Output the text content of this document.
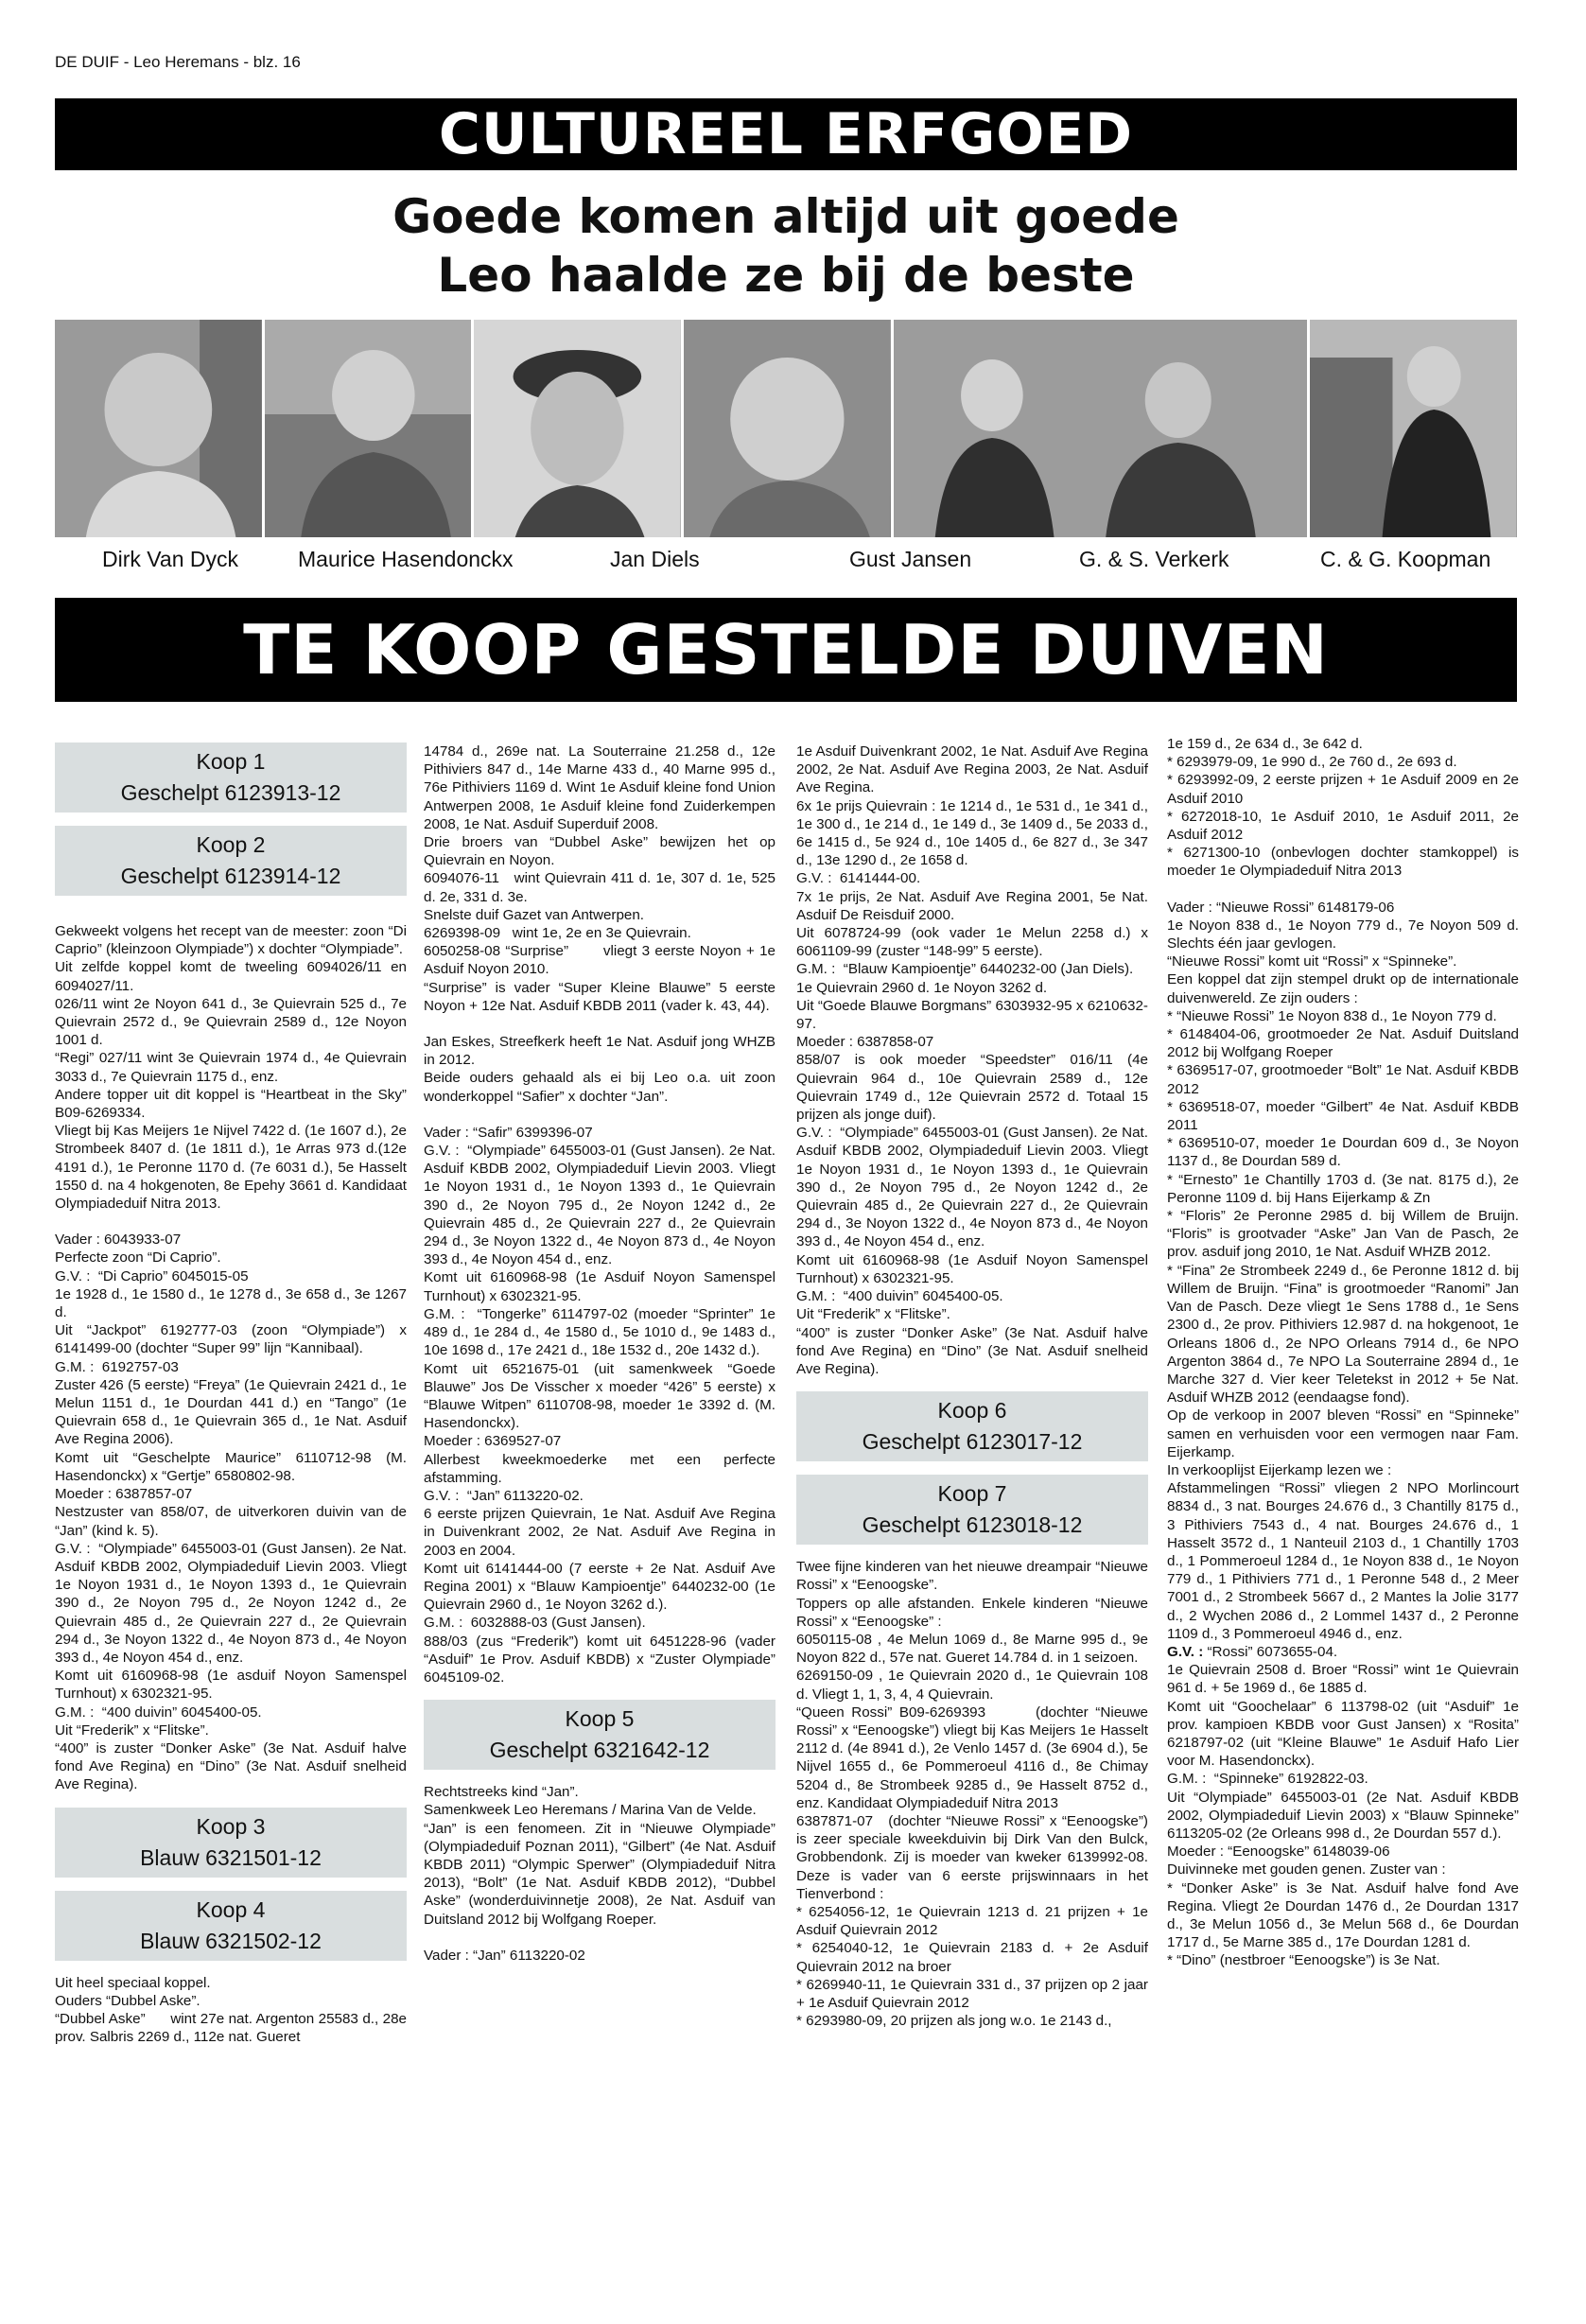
DE DUIF - Leo Heremans - blz. 16
CULTUREEL ERFGOED
Goede komen altijd uit goede
Leo haalde ze bij de beste
Dirk Van Dyck	Maurice Hasendonckx	Jan Diels	Gust Jansen	G. & S. Verkerk	C. & G. Koopman
TE KOOP GESTELDE DUIVEN
Koop 1
Geschelpt 6123913-12
Koop 2
Geschelpt 6123914-12

Gekweekt volgens het recept van de meester: zoon “Di Caprio” (kleinzoon Olympiade”) x dochter “Olympiade”.

Uit zelfde koppel komt de tweeling 6094026/11 en 6094027/11.

026/11 wint 2e Noyon 641 d., 3e Quievrain 525 d., 7e Quievrain 2572 d., 9e Quievrain 2589 d., 12e Noyon 1001 d.

“Regi” 027/11 wint 3e Quievrain 1974 d., 4e Quievrain 3033 d., 7e Quievrain 1175 d., enz.

Andere topper uit dit koppel is “Heartbeat in the Sky” B09-6269334.

Vliegt bij Kas Meijers 1e Nijvel 7422 d. (1e 1607 d.), 2e Strombeek 8407 d. (1e 1811 d.), 1e Arras 973 d.(12e 4191 d.), 1e Peronne 1170 d. (7e 6031 d.), 5e Hasselt 1550 d. na 4 hokgenoten, 8e Epehy 3661 d. Kandidaat Olympiadeduif Nitra 2013.

Vader : 6043933-07

Perfecte zoon “Di Caprio”.

G.V. :  “Di Caprio” 6045015-05

1e 1928 d., 1e 1580 d., 1e 1278 d., 3e 658 d., 3e 1267 d.

Uit “Jackpot” 6192777-03 (zoon “Olympiade”) x 6141499-00 (dochter “Super 99” lijn “Kannibaal).

G.M. :  6192757-03

Zuster 426 (5 eerste) “Freya” (1e Quievrain 2421 d., 1e Melun 1151 d., 1e Dourdan 441 d.) en “Tango” (1e Quievrain 658 d., 1e Quievrain 365 d., 1e Nat. Asduif Ave Regina 2006).

Komt uit “Geschelpte Maurice” 6110712-98 (M. Hasendonckx) x “Gertje” 6580802-98.

Moeder : 6387857-07

Nestzuster van 858/07, de uitverkoren duivin van de “Jan” (kind k. 5).

G.V. :  “Olympiade” 6455003-01 (Gust Jansen). 2e Nat. Asduif KBDB 2002, Olympiadeduif Lievin 2003. Vliegt 1e Noyon 1931 d., 1e Noyon 1393 d., 1e Quievrain 390 d., 2e Noyon 795 d., 2e Noyon 1242 d., 2e Quievrain 485 d., 2e Quievrain 227 d., 2e Quievrain 294 d., 3e Noyon 1322 d., 4e Noyon 873 d., 4e Noyon 393 d., 4e Noyon 454 d., enz.

Komt uit 6160968-98 (1e asduif Noyon Samenspel Turnhout) x 6302321-95.

G.M. :  “400 duivin” 6045400-05.

Uit “Frederik” x “Flitske”.

“400” is zuster “Donker Aske” (3e Nat. Asduif halve fond Ave Regina) en “Dino” (3e Nat. Asduif snelheid Ave Regina).

Koop 3
Blauw 6321501-12
Koop 4
Blauw 6321502-12

Uit heel speciaal koppel.

Ouders “Dubbel Aske”.

“Dubbel Aske”      wint 27e nat. Argenton 25583 d., 28e prov. Salbris 2269 d., 112e nat. Gueret

14784 d., 269e nat. La Souterraine 21.258 d., 12e Pithiviers 847 d., 14e Marne 433 d., 40 Marne 995 d., 76e Pithiviers 1169 d. Wint 1e Asduif kleine fond Union Antwerpen 2008, 1e Asduif kleine fond Zuiderkempen 2008, 1e Nat. Asduif Superduif 2008.

Drie broers van “Dubbel Aske” bewijzen het op Quievrain en Noyon.

6094076-11   wint Quievrain 411 d. 1e, 307 d. 1e, 525 d. 2e, 331 d. 3e.

Snelste duif Gazet van Antwerpen.

6269398-09   wint 1e, 2e en 3e Quievrain.

6050258-08 “Surprise”       vliegt 3 eerste Noyon + 1e Asduif Noyon 2010.

“Surprise” is vader “Super Kleine Blauwe” 5 eerste Noyon + 12e Nat. Asduif KBDB 2011 (vader k. 43, 44).

Jan Eskes, Streefkerk heeft 1e Nat. Asduif jong WHZB in 2012.

Beide ouders gehaald als ei bij Leo o.a. uit zoon wonderkoppel “Safier” x dochter “Jan”.

Vader : “Safir” 6399396-07

G.V. :  “Olympiade” 6455003-01 (Gust Jansen). 2e Nat. Asduif KBDB 2002, Olympiadeduif Lievin 2003. Vliegt 1e Noyon 1931 d., 1e Noyon 1393 d., 1e Quievrain 390 d., 2e Noyon 795 d., 2e Noyon 1242 d., 2e Quievrain 485 d., 2e Quievrain 227 d., 2e Quievrain 294 d., 3e Noyon 1322 d., 4e Noyon 873 d., 4e Noyon 393 d., 4e Noyon 454 d., enz.

Komt uit 6160968-98 (1e Asduif Noyon Samenspel Turnhout) x 6302321-95.

G.M. :  “Tongerke” 6114797-02 (moeder “Sprinter” 1e 489 d., 1e 284 d., 4e 1580 d., 5e 1010 d., 9e 1483 d., 10e 1698 d., 17e 2421 d., 18e 1532 d., 20e 1432 d.).

Komt uit 6521675-01 (uit samenkweek “Goede Blauwe” Jos De Visscher x moeder “426” 5 eerste) x “Blauwe Witpen” 6110708-98, moeder 1e 3392 d. (M. Hasendonckx).

Moeder : 6369527-07

Allerbest kweekmoederke met een perfecte afstamming.

G.V. :  “Jan” 6113220-02.

6 eerste prijzen Quievrain, 1e Nat. Asduif Ave Regina in Duivenkrant 2002, 2e Nat. Asduif Ave Regina in 2003 en 2004.

Komt uit 6141444-00 (7 eerste + 2e Nat. Asduif Ave Regina 2001) x “Blauw Kampioentje” 6440232-00 (1e Quievrain 2960 d., 1e Noyon 3262 d.).

G.M. :  6032888-03 (Gust Jansen).

888/03 (zus “Frederik”) komt uit 6451228-96 (vader “Asduif” 1e Prov. Asduif KBDB) x “Zuster Olympiade” 6045109-02.

Koop 5
Geschelpt 6321642-12

Rechtstreeks kind “Jan”.

Samenkweek Leo Heremans / Marina Van de Velde.

“Jan” is een fenomeen. Zit in “Nieuwe Olympiade” (Olympiadeduif Poznan 2011), “Gilbert” (4e Nat. Asduif KBDB 2011) “Olympic Sperwer” (Olympiadeduif Nitra 2013), “Bolt” (1e Nat. Asduif KBDB 2012), “Dubbel Aske” (wonderduivinnetje 2008), 2e Nat. Asduif van Duitsland 2012 bij Wolfgang Roeper.

Vader : “Jan” 6113220-02

1e Asduif Duivenkrant 2002, 1e Nat. Asduif Ave Regina 2002, 2e Nat. Asduif Ave Regina 2003, 2e Nat. Asduif Ave Regina.

6x 1e prijs Quievrain : 1e 1214 d., 1e 531 d., 1e 341 d., 1e 300 d., 1e 214 d., 1e 149 d., 3e 1409 d., 5e 2033 d., 6e 1415 d., 5e 924 d., 10e 1405 d., 6e 827 d., 3e 347 d., 13e 1290 d., 2e 1658 d.

G.V. :  6141444-00.

7x 1e prijs, 2e Nat. Asduif Ave Regina 2001, 5e Nat. Asduif De Reisduif 2000.

Uit 6078724-99 (ook vader 1e Melun 2258 d.) x 6061109-99 (zuster “148-99” 5 eerste).

G.M. :  “Blauw Kampioentje” 6440232-00 (Jan Diels).

1e Quievrain 2960 d. 1e Noyon 3262 d.

Uit “Goede Blauwe Borgmans” 6303932-95 x 6210632-97.

Moeder : 6387858-07

858/07 is ook moeder “Speedster” 016/11 (4e Quievrain 964 d., 10e Quievrain 2589 d., 12e Quievrain 1749 d., 12e Quievrain 2572 d. Totaal 15 prijzen als jonge duif).

G.V. :  “Olympiade” 6455003-01 (Gust Jansen). 2e Nat. Asduif KBDB 2002, Olympiadeduif Lievin 2003. Vliegt 1e Noyon 1931 d., 1e Noyon 1393 d., 1e Quievrain 390 d., 2e Noyon 795 d., 2e Noyon 1242 d., 2e Quievrain 485 d., 2e Quievrain 227 d., 2e Quievrain 294 d., 3e Noyon 1322 d., 4e Noyon 873 d., 4e Noyon 393 d., 4e Noyon 454 d., enz.

Komt uit 6160968-98 (1e Asduif Noyon Samenspel Turnhout) x 6302321-95.

G.M. :  “400 duivin” 6045400-05.

Uit “Frederik” x “Flitske”.

“400” is zuster “Donker Aske” (3e Nat. Asduif halve fond Ave Regina) en “Dino” (3e Nat. Asduif snelheid Ave Regina).

Koop 6
Geschelpt 6123017-12
Koop 7
Geschelpt 6123018-12

Twee fijne kinderen van het nieuwe dreampair “Nieuwe Rossi” x “Eenoogske”.

Toppers op alle afstanden. Enkele kinderen “Nieuwe Rossi” x “Eenoogske” :

6050115-08 , 4e Melun 1069 d., 8e Marne 995 d., 9e Noyon 822 d., 57e nat. Gueret 14.784 d. in 1 seizoen.

6269150-09 , 1e Quievrain 2020 d., 1e Quievrain 108 d. Vliegt 1, 1, 3, 4, 4 Quievrain.

“Queen Rossi” B09-6269393       (dochter “Nieuwe Rossi” x “Eenoogske”) vliegt bij Kas Meijers 1e Hasselt 2112 d. (4e 8941 d.), 2e Venlo 1457 d. (3e 6904 d.), 5e Nijvel 1655 d., 6e Pommeroeul 4116 d., 8e Chimay 5204 d., 8e Strombeek 9285 d., 9e Hasselt 8752 d., enz. Kandidaat Olympiadeduif Nitra 2013

6387871-07   (dochter “Nieuwe Rossi” x “Eenoogske”) is zeer speciale kweekduivin bij Dirk Van den Bulck, Grobbendonk. Zij is moeder van kweker 6139992-08. Deze is vader van 6 eerste prijswinnaars in het Tienverbond :

* 6254056-12, 1e Quievrain 1213 d. 21 prijzen + 1e Asduif Quievrain 2012

* 6254040-12, 1e Quievrain 2183 d. + 2e Asduif Quievrain 2012 na broer

* 6269940-11, 1e Quievrain 331 d., 37 prijzen op 2 jaar + 1e Asduif Quievrain 2012

* 6293980-09, 20 prijzen als jong w.o. 1e 2143 d.,

1e 159 d., 2e 634 d., 3e 642 d.

* 6293979-09, 1e 990 d., 2e 760 d., 2e 693 d.

* 6293992-09, 2 eerste prijzen + 1e Asduif 2009 en 2e Asduif 2010

* 6272018-10, 1e Asduif 2010, 1e Asduif 2011, 2e Asduif 2012

* 6271300-10 (onbevlogen dochter stamkoppel) is moeder 1e Olympiadeduif Nitra 2013

Vader : “Nieuwe Rossi” 6148179-06

1e Noyon 838 d., 1e Noyon 779 d., 7e Noyon 509 d. Slechts één jaar gevlogen.

“Nieuwe Rossi” komt uit “Rossi” x “Spinneke”.

Een koppel dat zijn stempel drukt op de internationale duivenwereld. Ze zijn ouders :

* “Nieuwe Rossi” 1e Noyon 838 d., 1e Noyon 779 d.

* 6148404-06, grootmoeder 2e Nat. Asduif Duitsland 2012 bij Wolfgang Roeper

* 6369517-07, grootmoeder “Bolt” 1e Nat. Asduif KBDB 2012

* 6369518-07, moeder “Gilbert” 4e Nat. Asduif KBDB 2011

* 6369510-07, moeder 1e Dourdan 609 d., 3e Noyon 1137 d., 8e Dourdan 589 d.

* “Ernesto” 1e Chantilly 1703 d. (3e nat. 8175 d.), 2e Peronne 1109 d. bij Hans Eijerkamp & Zn

* “Floris” 2e Peronne 2985 d. bij Willem de Bruijn. “Floris” is grootvader “Aske” Jan Van de Pasch, 2e prov. asduif jong 2010, 1e Nat. Asduif WHZB 2012.

* “Fina” 2e Strombeek 2249 d., 6e Peronne 1812 d. bij Willem de Bruijn. “Fina” is grootmoeder “Ranomi” Jan Van de Pasch. Deze vliegt 1e Sens 1788 d., 1e Sens 2300 d., 2e prov. Pithiviers 12.987 d. na hokgenoot, 1e Orleans 1806 d., 2e NPO Orleans 7914 d., 6e NPO Argenton 3864 d., 7e NPO La Souterraine 2894 d., 1e Marche 327 d. Vier keer Teletekst in 2012 + 5e Nat. Asduif WHZB 2012 (eendaagse fond).

Op de verkoop in 2007 bleven “Rossi” en “Spinneke” samen en verhuisden voor een vermogen naar Fam. Eijerkamp.

In verkooplijst Eijerkamp lezen we :

Afstammelingen “Rossi” vliegen 2 NPO Morlincourt 8834 d., 3 nat. Bourges 24.676 d., 3 Chantilly 8175 d., 3 Pithiviers 7543 d., 4 nat. Bourges 24.676 d., 1 Hasselt 3572 d., 1 Nanteuil 2103 d., 1 Chantilly 1703 d., 1 Pommeroeul 1284 d., 1e Noyon 838 d., 1e Noyon 779 d., 1 Pithiviers 771 d., 1 Peronne 548 d., 2 Meer 7001 d., 2 Strombeek 5667 d., 2 Mantes la Jolie 3177 d., 2 Wychen 2086 d., 2 Lommel 1437 d., 2 Peronne 1109 d., 3 Pommeroeul 4946 d., enz.

G.V. : “Rossi” 6073655-04.

1e Quievrain 2508 d. Broer “Rossi” wint 1e Quievrain 961 d. + 5e 1969 d., 6e 1885 d.

Komt uit “Goochelaar” 6 113798-02 (uit “Asduif” 1e prov. kampioen KBDB voor Gust Jansen) x “Rosita” 6218797-02 (uit “Kleine Blauwe” 1e Asduif Hafo Lier voor M. Hasendonckx).

G.M. :  “Spinneke” 6192822-03.

Uit “Olympiade” 6455003-01 (2e Nat. Asduif KBDB 2002, Olympiadeduif Lievin 2003) x “Blauw Spinneke” 6113205-02 (2e Orleans 998 d., 2e Dourdan 557 d.).

Moeder : “Eenoogske” 6148039-06

Duivinneke met gouden genen. Zuster van :

* “Donker Aske” is 3e Nat. Asduif halve fond Ave Regina. Vliegt 2e Dourdan 1476 d., 2e Dourdan 1317 d., 3e Melun 1056 d., 3e Melun 568 d., 6e Dourdan 1717 d., 5e Marne 385 d., 17e Dourdan 1281 d.

* “Dino” (nestbroer “Eenoogske”) is 3e Nat.
